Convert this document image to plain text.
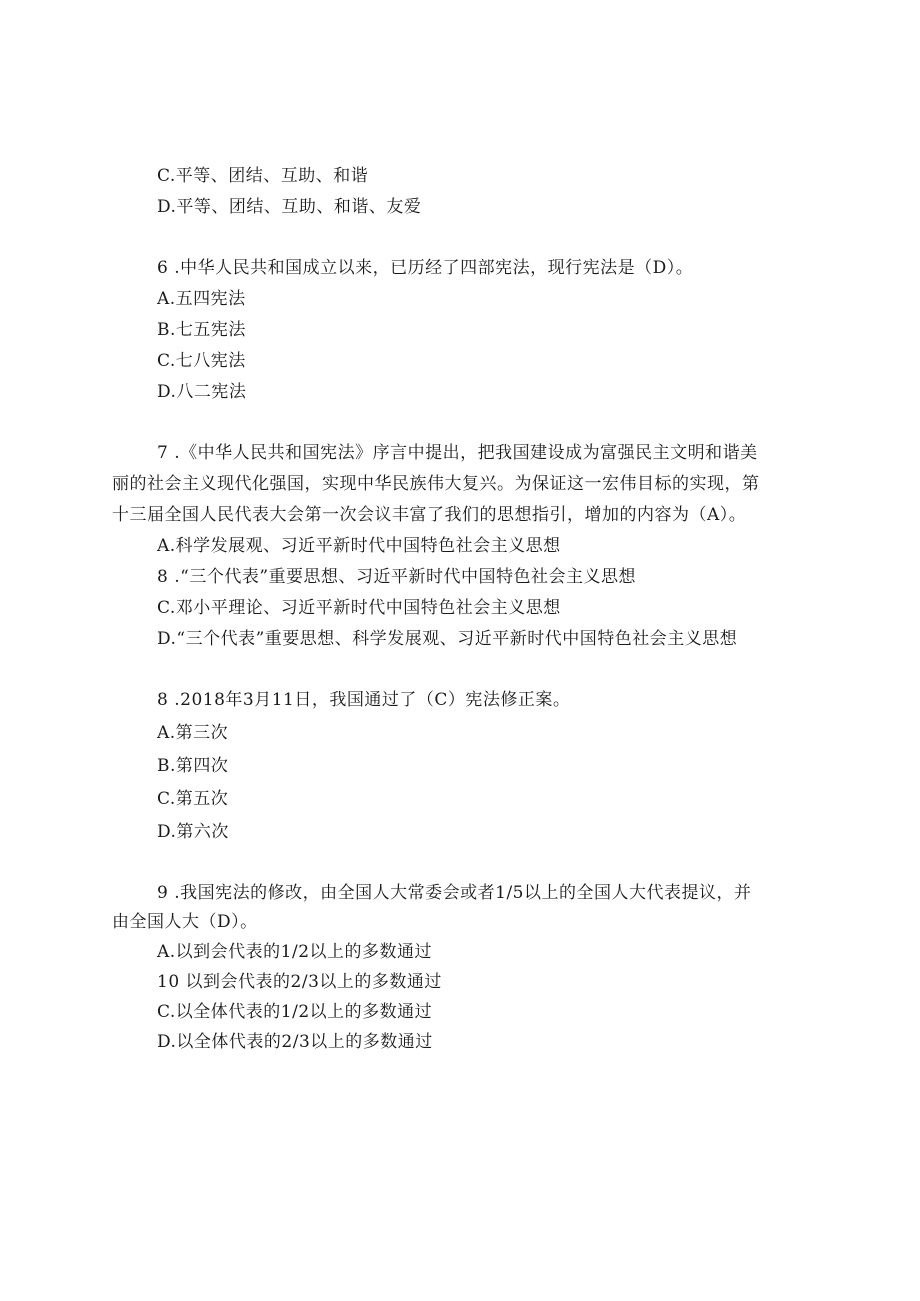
C.平等、团结、互助、和谐
D.平等、团结、互助、和谐、友爱
6 .中华人民共和国成立以来，已历经了四部宪法，现行宪法是（D）。
A.五四宪法
B.七五宪法
C.七八宪法
D.八二宪法
7 .《中华人民共和国宪法》序言中提出，把我国建设成为富强民主文明和谐美
丽的社会主义现代化强国，实现中华民族伟大复兴。为保证这一宏伟目标的实现，第
十三届全国人民代表大会第一次会议丰富了我们的思想指引，增加的内容为（A）。
A.科学发展观、习近平新时代中国特色社会主义思想
8 .“三个代表”重要思想、习近平新时代中国特色社会主义思想
C.邓小平理论、习近平新时代中国特色社会主义思想
D.“三个代表”重要思想、科学发展观、习近平新时代中国特色社会主义思想
8 .2018年3月11日，我国通过了（C）宪法修正案。
A.第三次
B.第四次
C.第五次
D.第六次
9 .我国宪法的修改，由全国人大常委会或者1/5以上的全国人大代表提议，并
由全国人大（D）。
A.以到会代表的1/2以上的多数通过
10 以到会代表的2/3以上的多数通过
C.以全体代表的1/2以上的多数通过
D.以全体代表的2/3以上的多数通过
